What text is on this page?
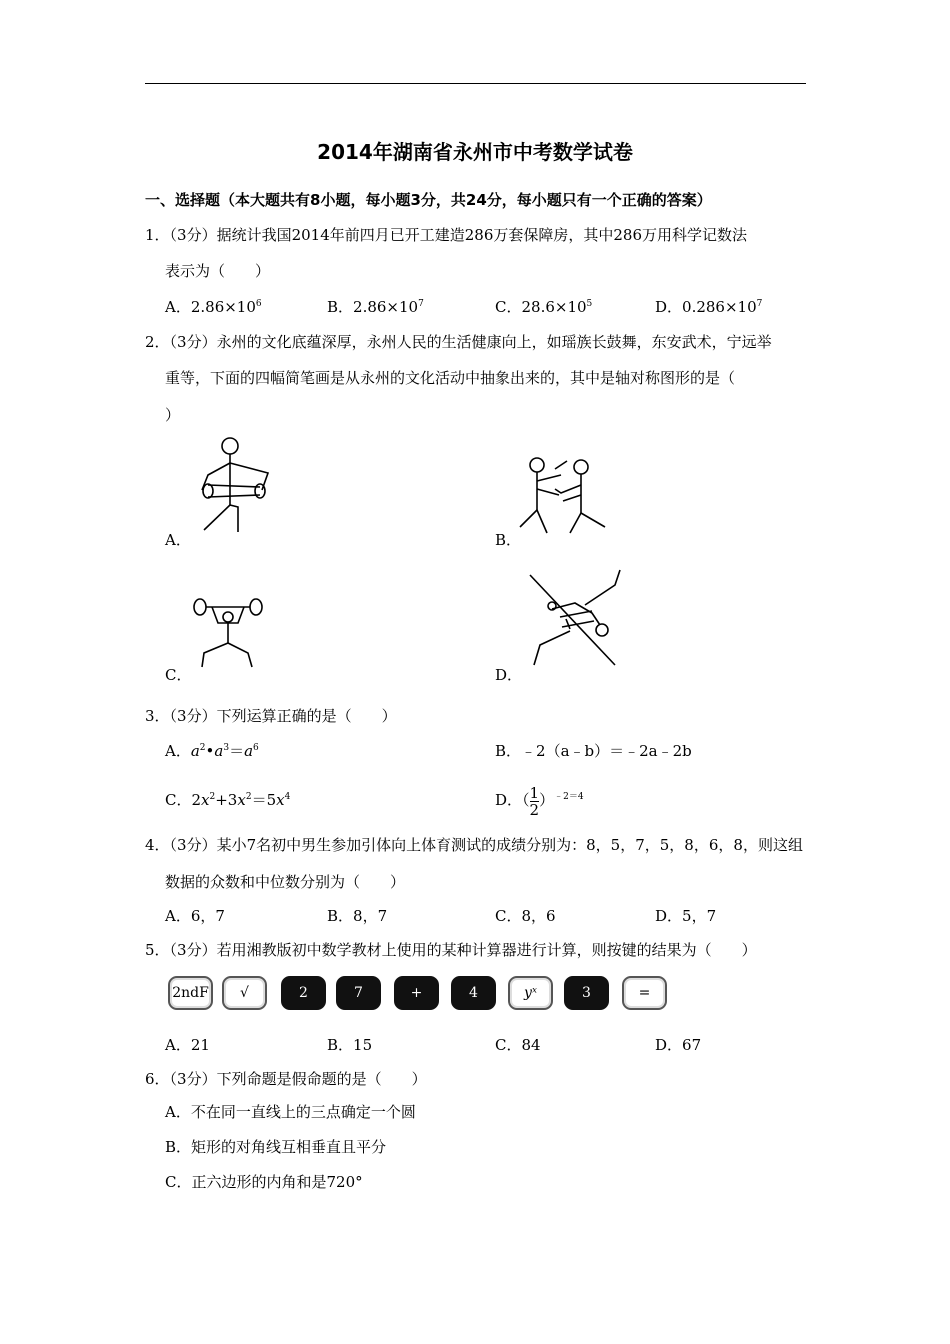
2014年湖南省永州市中考数学试卷
一、选择题（本大题共有8小题，每小题3分，共24分，每小题只有一个正确的答案）
1．（3分）据统计我国2014年前四月已开工建造286万套保障房，其中286万用科学记数法
表示为（　　）
A．$2.86\times 10^6$	B．$2.86\times 10^7$	C．$28.6\times 10^5$	D．$0.286\times 10^7$
2．（3分）永州的文化底蕴深厚，永州人民的生活健康向上，如瑶族长鼓舞，东安武术，宁远举
重等，下面的四幅简笔画是从永州的文化活动中抽象出来的，其中是轴对称图形的是（
）
A．	B．
C．	D．
3．（3分）下列运算正确的是（　　）
A．$a^2•a^3=a^6$	B．﹣2（a﹣b）＝﹣2a﹣2b
C．$2x^2+3x^2=5x^4$	D．（ $\frac{1}{2} )^{﹣2=4}$
4．（3分）某小7名初中男生参加引体向上体育测试的成绩分别为：8，5，7，5，8，6，8，则这组
数据的众数和中位数分别为（　　）
A．6，7	B．8，7	C．8，6	D．5，7
5．（3分）若用湘教版初中数学教材上使用的某种计算器进行计算，则按键的结果为（　　）
2ndF	√	2	7	+	4	yˣ	3	=
A．21	B．15	C．84	D．67
6．（3分）下列命题是假命题的是（　　）
A．不在同一直线上的三点确定一个圆
B．矩形的对角线互相垂直且平分
C．正六边形的内角和是720°
